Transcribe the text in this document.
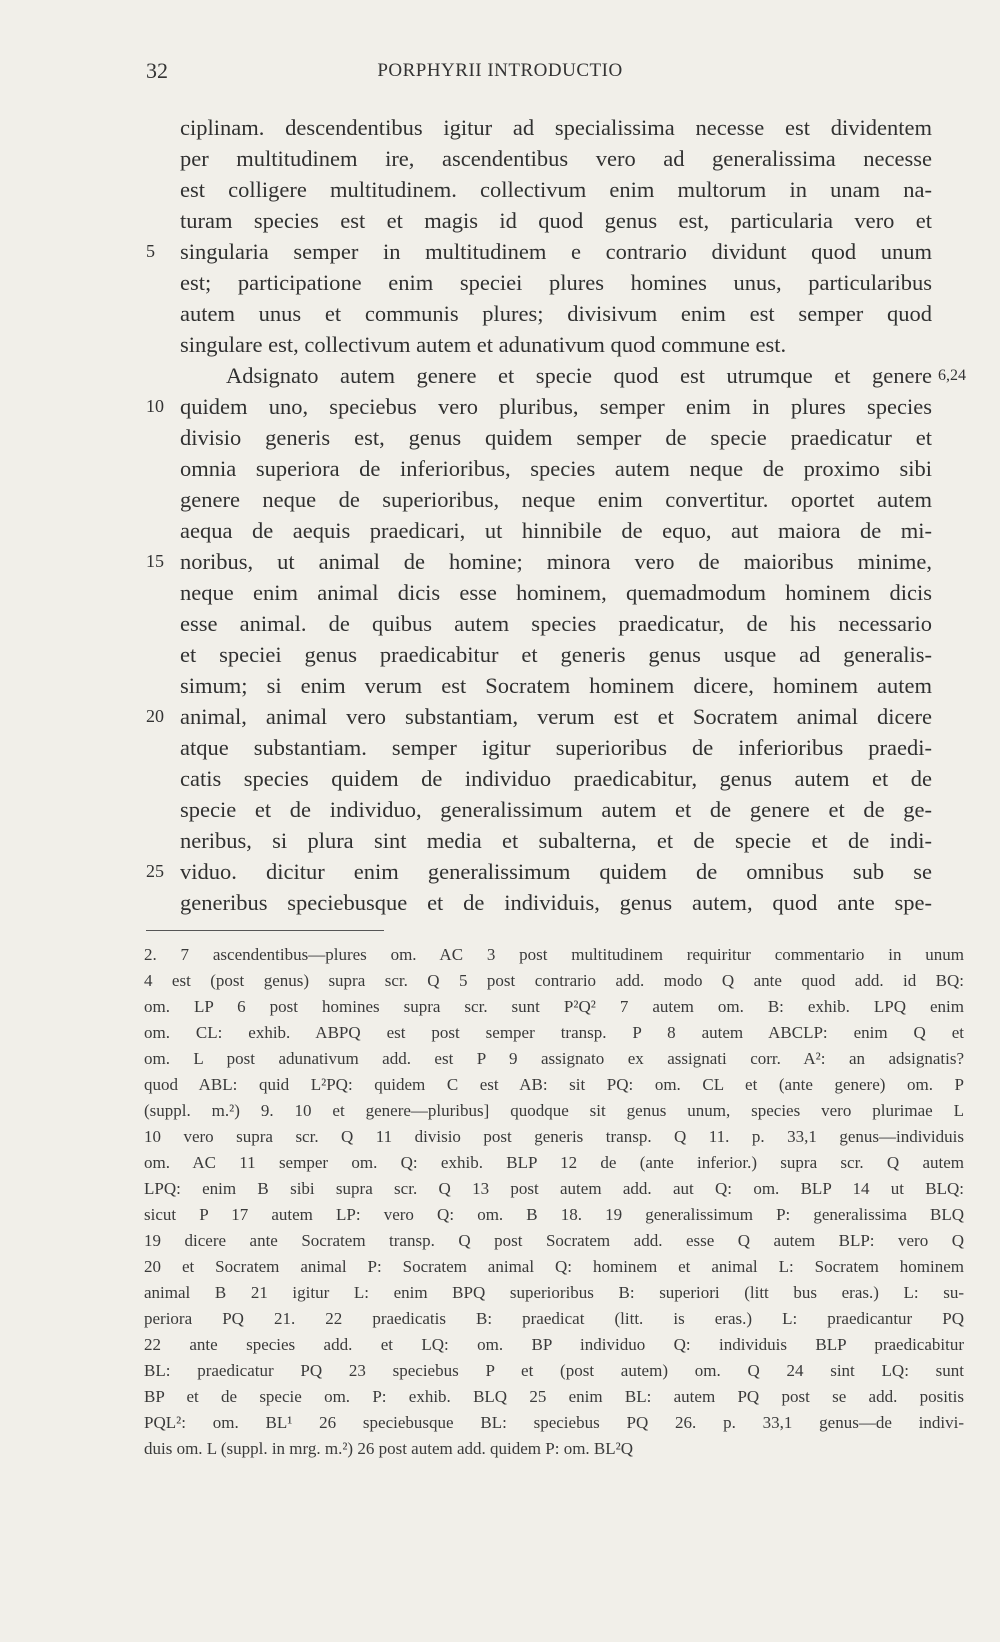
32	PORPHYRII INTRODUCTIO
ciplinam. descendentibus igitur ad specialissima necesse est dividentem
per multitudinem ire, ascendentibus vero ad generalissima necesse
est colligere multitudinem. collectivum enim multorum in unam na-
turam species est et magis id quod genus est, particularia vero et
5 singularia semper in multitudinem e contrario dividunt quod unum
est; participatione enim speciei plures homines unus, particularibus
autem unus et communis plures; divisivum enim est semper quod
singulare est, collectivum autem et adunativum quod commune est.
Adsignato autem genere et specie quod est utrumque et genere 6,24
10 quidem uno, speciebus vero pluribus, semper enim in plures species
divisio generis est, genus quidem semper de specie praedicatur et
omnia superiora de inferioribus, species autem neque de proximo sibi
genere neque de superioribus, neque enim convertitur. oportet autem
aequa de aequis praedicari, ut hinnibile de equo, aut maiora de mi-
15 noribus, ut animal de homine; minora vero de maioribus minime,
neque enim animal dicis esse hominem, quemadmodum hominem dicis
esse animal. de quibus autem species praedicatur, de his necessario
et speciei genus praedicabitur et generis genus usque ad generalis-
simum; si enim verum est Socratem hominem dicere, hominem autem
20 animal, animal vero substantiam, verum est et Socratem animal dicere
atque substantiam. semper igitur superioribus de inferioribus praedi-
catis species quidem de individuo praedicabitur, genus autem et de
specie et de individuo, generalissimum autem et de genere et de ge-
neribus, si plura sint media et subalterna, et de specie et de indi-
25 viduo. dicitur enim generalissimum quidem de omnibus sub se
generibus speciebusque et de individuis, genus autem, quod ante spe-
2. 7 ascendentibus—plures om. AC 3 post multitudinem requiritur commentario in unum
4 est (post genus) supra scr. Q 5 post contrario add. modo Q ante quod add. id BQ:
om. LP 6 post homines supra scr. sunt P²Q² 7 autem om. B: exhib. LPQ enim
om. CL: exhib. ABPQ est post semper transp. P 8 autem ABCLP: enim Q et
om. L post adunativum add. est P 9 assignato ex assignati corr. A²: an adsignatis?
quod ABL: quid L²PQ: quidem C est AB: sit PQ: om. CL et (ante genere) om. P
(suppl. m.²) 9. 10 et genere—pluribus] quodque sit genus unum, species vero plurimae L
10 vero supra scr. Q 11 divisio post generis transp. Q 11. p. 33,1 genus—individuis
om. AC 11 semper om. Q: exhib. BLP 12 de (ante inferior.) supra scr. Q autem
LPQ: enim B sibi supra scr. Q 13 post autem add. aut Q: om. BLP 14 ut BLQ:
sicut P 17 autem LP: vero Q: om. B 18. 19 generalissimum P: generalissima BLQ
19 dicere ante Socratem transp. Q post Socratem add. esse Q autem BLP: vero Q
20 et Socratem animal P: Socratem animal Q: hominem et animal L: Socratem hominem
animal B 21 igitur L: enim BPQ superioribus B: superiori (litt bus eras.) L: su-
periora PQ 21. 22 praedicatis B: praedicat (litt. is eras.) L: praedicantur PQ
22 ante species add. et LQ: om. BP individuo Q: individuis BLP praedicabitur
BL: praedicatur PQ 23 speciebus P et (post autem) om. Q 24 sint LQ: sunt
BP et de specie om. P: exhib. BLQ 25 enim BL: autem PQ post se add. positis
PQL²: om. BL¹ 26 speciebusque BL: speciebus PQ 26. p. 33,1 genus—de indivi-
duis om. L (suppl. in mrg. m.²) 26 post autem add. quidem P: om. BL²Q
